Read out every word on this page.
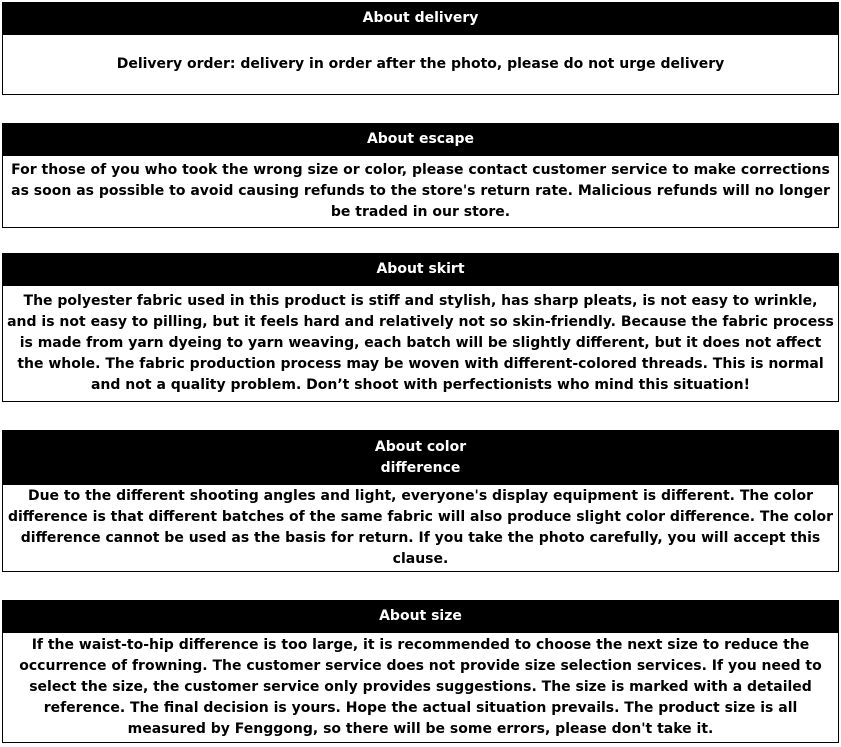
About delivery

Delivery order: delivery in order after the photo, please do not urge delivery

About escape

For those of you who took the wrong size or color, please contact customer service to make corrections as soon as possible to avoid causing refunds to the store's return rate. Malicious refunds will no longer be traded in our store.

About skirt

The polyester fabric used in this product is stiff and stylish, has sharp pleats, is not easy to wrinkle, and is not easy to pilling, but it feels hard and relatively not so skin-friendly. Because the fabric process is made from yarn dyeing to yarn weaving, each batch will be slightly different, but it does not affect the whole. The fabric production process may be woven with different-colored threads. This is normal and not a quality problem. Don’t shoot with perfectionists who mind this situation!

About color
difference

Due to the different shooting angles and light, everyone's display equipment is different. The color difference is that different batches of the same fabric will also produce slight color difference. The color difference cannot be used as the basis for return. If you take the photo carefully, you will accept this clause.

About size

If the waist-to-hip difference is too large, it is recommended to choose the next size to reduce the occurrence of frowning. The customer service does not provide size selection services. If you need to select the size, the customer service only provides suggestions. The size is marked with a detailed reference. The final decision is yours. Hope the actual situation prevails. The product size is all measured by Fenggong, so there will be some errors, please don't take it.
